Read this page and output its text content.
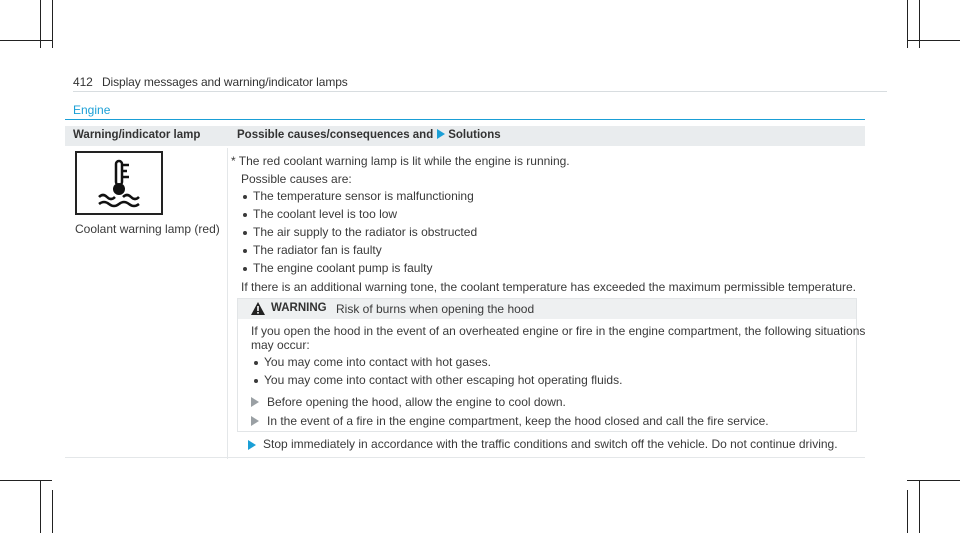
412 Display messages and warning/indicator lamps
Engine
Warning/indicator lamp	Possible causes/consequences and Solutions
Coolant warning lamp (red)
* The red coolant warning lamp is lit while the engine is running.
Possible causes are:
The temperature sensor is malfunctioning
The coolant level is too low
The air supply to the radiator is obstructed
The radiator fan is faulty
The engine coolant pump is faulty
If there is an additional warning tone, the coolant temperature has exceeded the maximum permissible temperature.
WARNING Risk of burns when opening the hood
If you open the hood in the event of an overheated engine or fire in the engine compartment, the following situations
may occur:
You may come into contact with hot gases.
You may come into contact with other escaping hot operating fluids.
Before opening the hood, allow the engine to cool down.
In the event of a fire in the engine compartment, keep the hood closed and call the fire service.
Stop immediately in accordance with the traffic conditions and switch off the vehicle. Do not continue driving.
